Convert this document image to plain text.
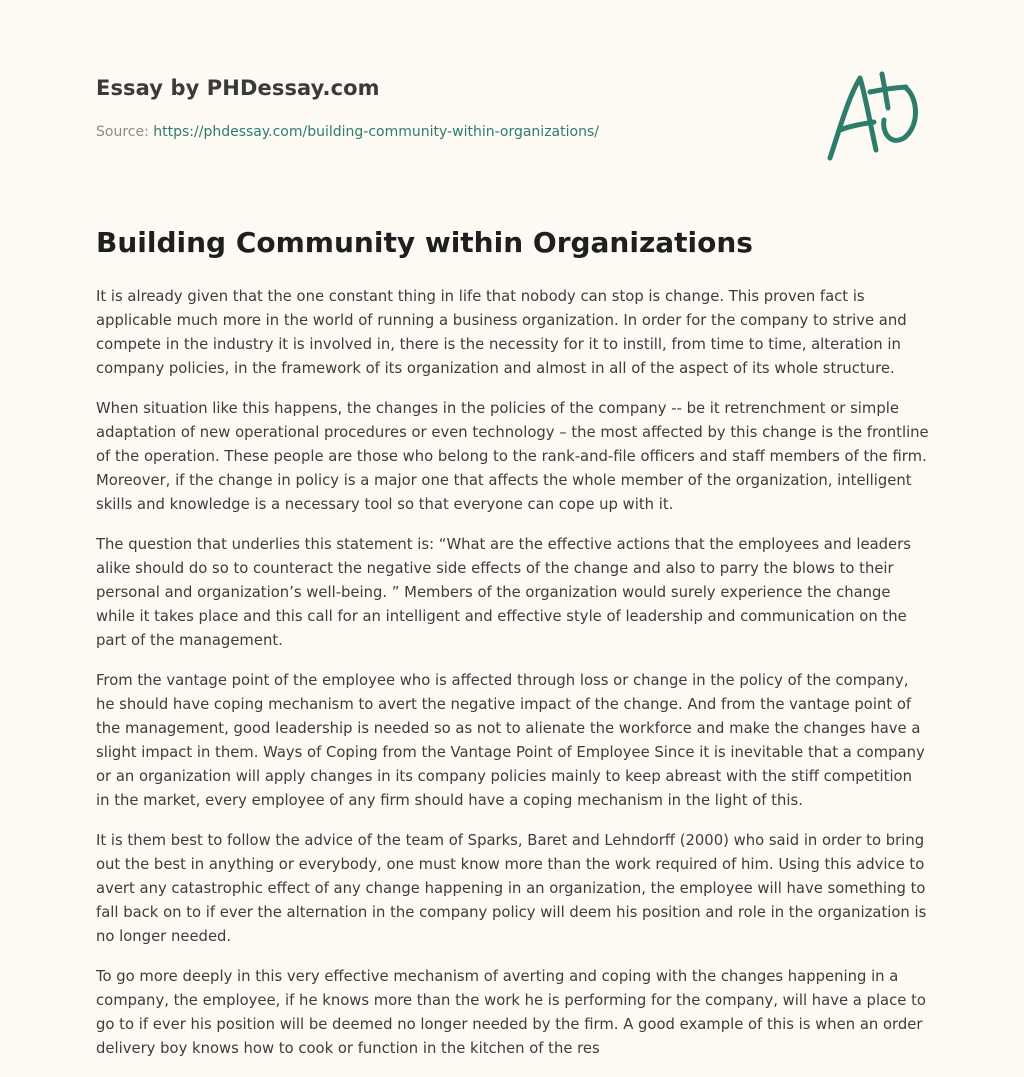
Essay by PHDessay.com
Source: https://phdessay.com/building-community-within-organizations/
Building Community within Organizations

It is already given that the one constant thing in life that nobody can stop is change. This proven fact is applicable much more in the world of running a business organization. In order for the company to strive and compete in the industry it is involved in, there is the necessity for it to instill, from time to time, alteration in company policies, in the framework of its organization and almost in all of the aspect of its whole structure.

When situation like this happens, the changes in the policies of the company -- be it retrenchment or simple adaptation of new operational procedures or even technology – the most affected by this change is the frontline of the operation. These people are those who belong to the rank-and-file officers and staff members of the firm. Moreover, if the change in policy is a major one that affects the whole member of the organization, intelligent skills and knowledge is a necessary tool so that everyone can cope up with it.

The question that underlies this statement is: “What are the effective actions that the employees and leaders alike should do so to counteract the negative side effects of the change and also to parry the blows to their personal and organization’s well-being. ” Members of the organization would surely experience the change while it takes place and this call for an intelligent and effective style of leadership and communication on the part of the management.

From the vantage point of the employee who is affected through loss or change in the policy of the company, he should have coping mechanism to avert the negative impact of the change. And from the vantage point of the management, good leadership is needed so as not to alienate the workforce and make the changes have a slight impact in them. Ways of Coping from the Vantage Point of Employee Since it is inevitable that a company or an organization will apply changes in its company policies mainly to keep abreast with the stiff competition in the market, every employee of any firm should have a coping mechanism in the light of this.

It is them best to follow the advice of the team of Sparks, Baret and Lehndorff (2000) who said in order to bring out the best in anything or everybody, one must know more than the work required of him. Using this advice to avert any catastrophic effect of any change happening in an organization, the employee will have something to fall back on to if ever the alternation in the company policy will deem his position and role in the organization is no longer needed.

To go more deeply in this very effective mechanism of averting and coping with the changes happening in a company, the employee, if he knows more than the work he is performing for the company, will have a place to go to if ever his position will be deemed no longer needed by the firm. A good example of this is when an order delivery boy knows how to cook or function in the kitchen of the res
